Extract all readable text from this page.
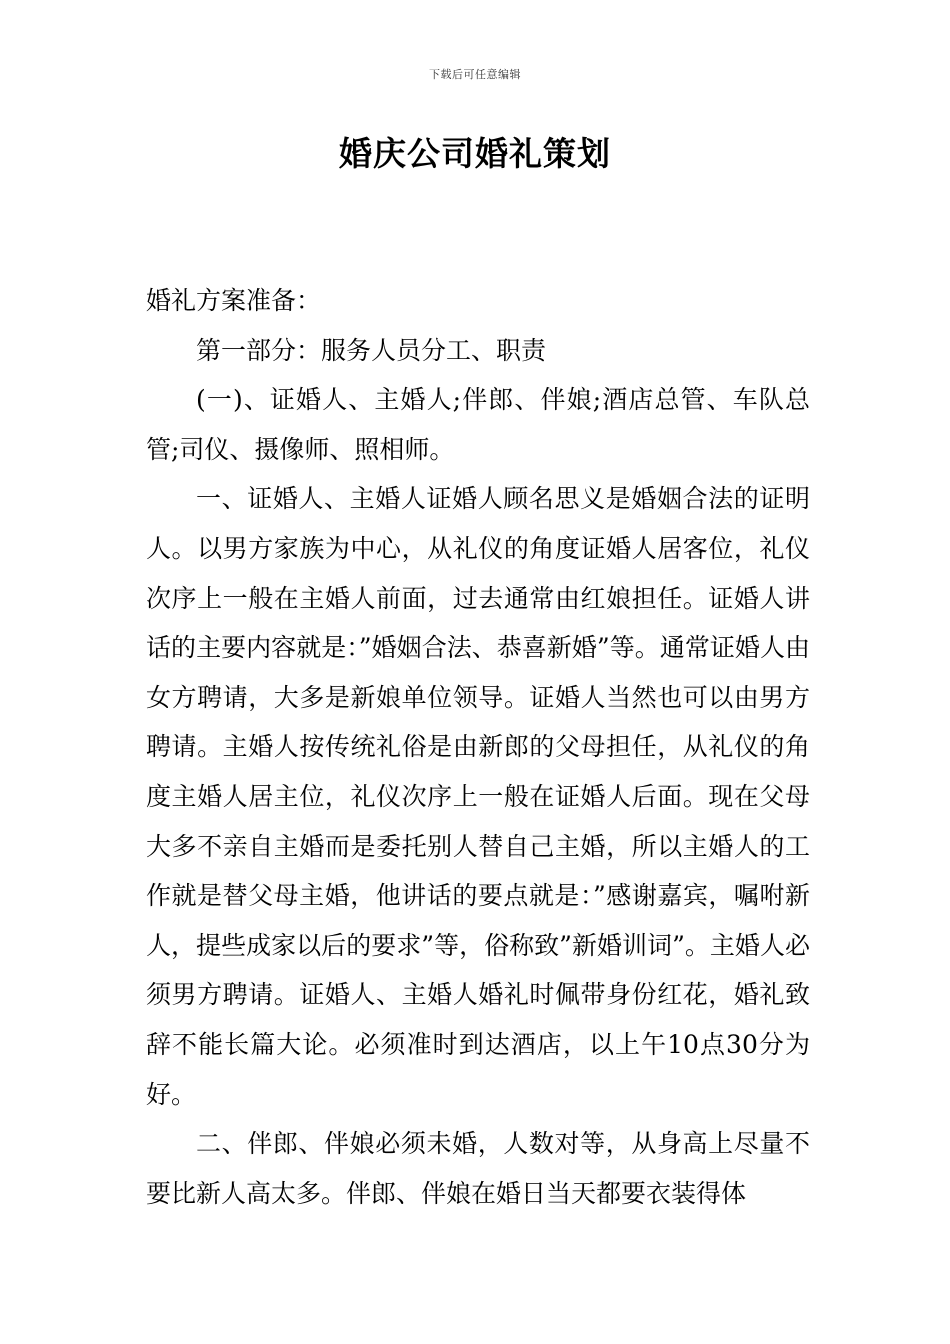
下载后可任意编辑
婚庆公司婚礼策划

婚礼方案准备：

第一部分：服务人员分工、职责

(一)、证婚人、主婚人;伴郎、伴娘;酒店总管、车队总管;司仪、摄像师、照相师。

一、证婚人、主婚人证婚人顾名思义是婚姻合法的证明人。以男方家族为中心，从礼仪的角度证婚人居客位，礼仪次序上一般在主婚人前面，过去通常由红娘担任。证婚人讲话的主要内容就是：”婚姻合法、恭喜新婚”等。通常证婚人由女方聘请，大多是新娘单位领导。证婚人当然也可以由男方聘请。主婚人按传统礼俗是由新郎的父母担任，从礼仪的角度主婚人居主位，礼仪次序上一般在证婚人后面。现在父母大多不亲自主婚而是委托别人替自己主婚，所以主婚人的工作就是替父母主婚，他讲话的要点就是：”感谢嘉宾，嘱咐新人，提些成家以后的要求”等，俗称致”新婚训词”。主婚人必须男方聘请。证婚人、主婚人婚礼时佩带身份红花，婚礼致辞不能长篇大论。必须准时到达酒店，以上午10点30分为好。

二、伴郎、伴娘必须未婚，人数对等，从身高上尽量不要比新人高太多。伴郎、伴娘在婚日当天都要衣装得体
